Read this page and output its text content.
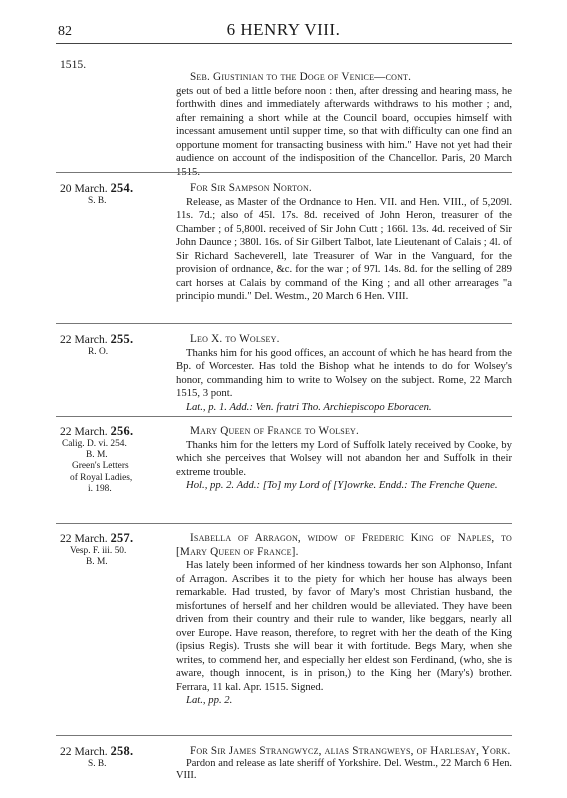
6 HENRY VIII.
82
1515.

Seb. Giustinian to the Doge of Venice—cont.

gets out of bed a little before noon : then, after dressing and hearing mass, he forthwith dines and immediately afterwards withdraws to his mother ; and, after remaining a short while at the Council board, occupies himself with incessant amusement until supper time, so that with difficulty can one find an opportune moment for transacting business with him." Have not yet had their audience on account of the indisposition of the Chancellor. Paris, 20 March 1515.

20 March. 254.
S. B.

For Sir Sampson Norton.

Release, as Master of the Ordnance to Hen. VII. and Hen. VIII., of 5,209l. 11s. 7d.; also of 45l. 17s. 8d. received of John Heron, treasurer of the Chamber ; of 5,800l. received of Sir John Cutt ; 166l. 13s. 4d. received of Sir John Daunce ; 380l. 16s. of Sir Gilbert Talbot, late Lieutenant of Calais ; 4l. of Sir Richard Sacheverell, late Treasurer of War in the Vanguard, for the provision of ordnance, &c. for the war ; of 97l. 14s. 8d. for the selling of 289 cart horses at Calais by command of the King ; and all other arrearages "a principio mundi." Del. Westm., 20 March 6 Hen. VIII.

22 March. 255.
R. O.

Leo X. to Wolsey.

Thanks him for his good offices, an account of which he has heard from the Bp. of Worcester. Has told the Bishop what he intends to do for Wolsey's honor, commanding him to write to Wolsey on the subject. Rome, 22 March 1515, 3 pont.

Lat., p. 1. Add.: Ven. fratri Tho. Archiepiscopo Eboracen.

22 March. 256.
Calig. D. vi. 254.
B. M.
Green's Letters
of Royal Ladies,
i. 198.

Mary Queen of France to Wolsey.

Thanks him for the letters my Lord of Suffolk lately received by Cooke, by which she perceives that Wolsey will not abandon her and Suffolk in their extreme trouble.

Hol., pp. 2. Add.: [To] my Lord of [Y]owrke. Endd.: The Frenche Quene.

22 March. 257.
Vesp. F. iii. 50.
B. M.

Isabella of Arragon, widow of Frederic King of Naples, to [Mary Queen of France].

Has lately been informed of her kindness towards her son Alphonso, Infant of Arragon. Ascribes it to the piety for which her house has always been remarkable. Had trusted, by favor of Mary's most Christian husband, the misfortunes of herself and her children would be alleviated. They have been driven from their country and their rule to wander, like beggars, nearly all over Europe. Have reason, therefore, to regret with her the death of the King (ipsius Regis). Trusts she will bear it with fortitude. Begs Mary, when she writes, to commend her, and especially her eldest son Ferdinand, (who, she is aware, though innocent, is in prison,) to the King her (Mary's) brother. Ferrara, 11 kal. Apr. 1515. Signed.

Lat., pp. 2.

22 March. 258.
S. B.

For Sir James Strangwycz, alias Strangweys, of Harlesay, York.

Pardon and release as late sheriff of Yorkshire. Del. Westm., 22 March 6 Hen. VIII.
